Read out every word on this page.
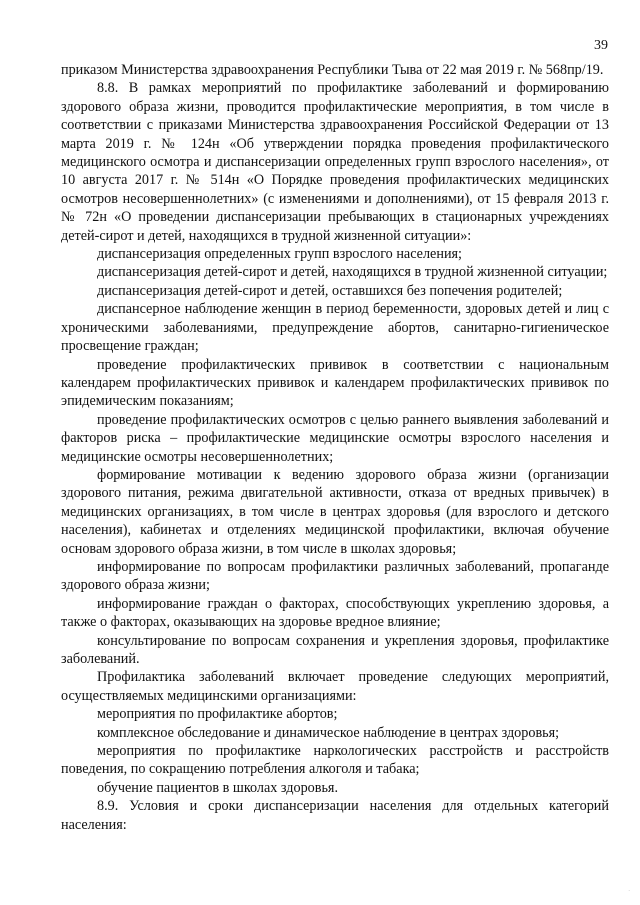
39

приказом Министерства здравоохранения Республики Тыва от 22 мая 2019 г. № 568пр/19.

8.8. В рамках мероприятий по профилактике заболеваний и формированию здорового образа жизни, проводится профилактические мероприятия, в том числе в соответствии с приказами Министерства здравоохранения Российской Федерации от 13 марта 2019 г. № 124н «Об утверждении порядка проведения профилактического медицинского осмотра и диспансеризации определенных групп взрослого населения», от 10 августа 2017 г. № 514н «О Порядке проведения профилактических медицинских осмотров несовершеннолетних» (с изменениями и дополнениями), от 15 февраля 2013 г. № 72н «О проведении диспансеризации пребывающих в стационарных учреждениях детей-сирот и детей, находящихся в трудной жизненной ситуации»:

диспансеризация определенных групп взрослого населения;

диспансеризация детей-сирот и детей, находящихся в трудной жизненной ситуации;

диспансеризация детей-сирот и детей, оставшихся без попечения родителей;

диспансерное наблюдение женщин в период беременности, здоровых детей и лиц с хроническими заболеваниями, предупреждение абортов, санитарно-гигиеническое просвещение граждан;

проведение профилактических прививок в соответствии с национальным календарем профилактических прививок и календарем профилактических прививок по эпидемическим показаниям;

проведение профилактических осмотров с целью раннего выявления заболеваний и факторов риска – профилактические медицинские осмотры взрослого населения и медицинские осмотры несовершеннолетних;

формирование мотивации к ведению здорового образа жизни (организации здорового питания, режима двигательной активности, отказа от вредных привычек) в медицинских организациях, в том числе в центрах здоровья (для взрослого и детского населения), кабинетах и отделениях медицинской профилактики, включая обучение основам здорового образа жизни, в том числе в школах здоровья;

информирование по вопросам профилактики различных заболеваний, пропаганде здорового образа жизни;

информирование граждан о факторах, способствующих укреплению здоровья, а также о факторах, оказывающих на здоровье вредное влияние;

консультирование по вопросам сохранения и укрепления здоровья, профилактике заболеваний.

Профилактика заболеваний включает проведение следующих мероприятий, осуществляемых медицинскими организациями:

мероприятия по профилактике абортов;

комплексное обследование и динамическое наблюдение в центрах здоровья;

мероприятия по профилактике наркологических расстройств и расстройств поведения, по сокращению потребления алкоголя и табака;

обучение пациентов в школах здоровья.

8.9. Условия и сроки диспансеризации населения для отдельных категорий населения:

·
